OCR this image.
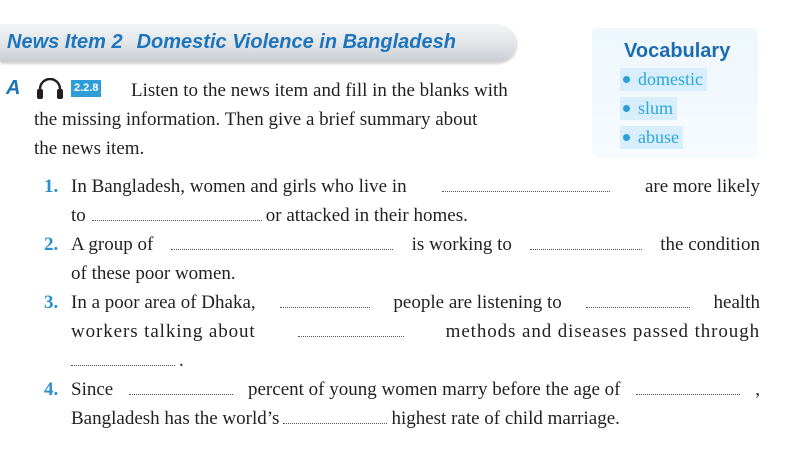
News Item 2 Domestic Violence in Bangladesh	Vocabulary
domestic
slum
abuse
A	2.2.8	Listen to the news item and fill in the blanks with
the missing information. Then give a brief summary about
the news item.

1. In Bangladesh, women and girls who live in	are more likely
to	or attacked in their homes.
2. A group of	is working to	the condition
of these poor women.
3. In a poor area of Dhaka,	people are listening to	health
workers talking about	methods and diseases passed through
.
4. Since	percent of young women marry before the age of	,
Bangladesh has the world’s	highest rate of child marriage.
